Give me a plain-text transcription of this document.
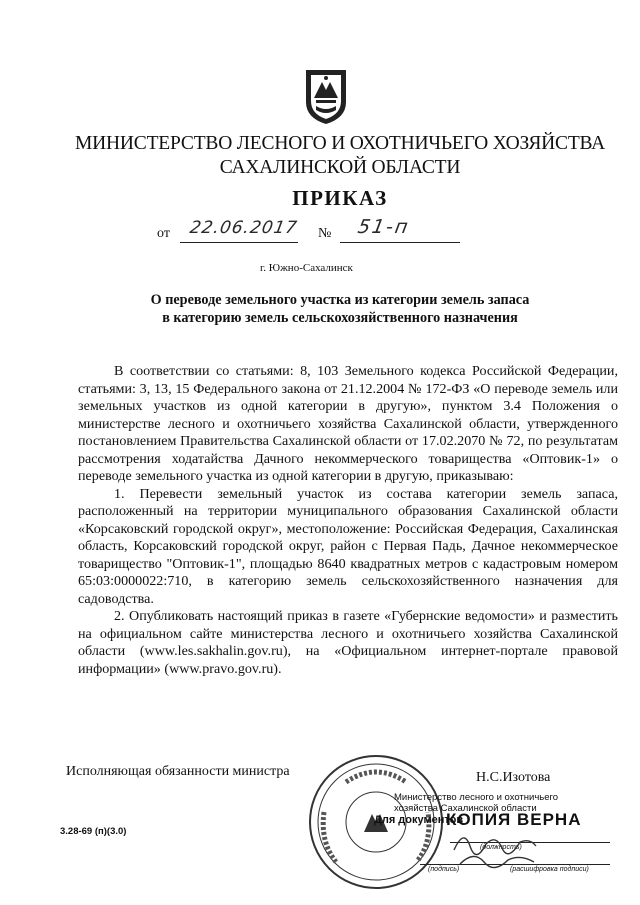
МИНИСТЕРСТВО ЛЕСНОГО И ОХОТНИЧЬЕГО ХОЗЯЙСТВА
САХАЛИНСКОЙ ОБЛАСТИ
ПРИКАЗ
от 22.06.2017 № 51-п
г. Южно-Сахалинск
О переводе земельного участка из категории земель запаса
в категорию земель сельскохозяйственного назначения

В соответствии со статьями: 8, 103 Земельного кодекса Российской Федерации, статьями: 3, 13, 15 Федерального закона от 21.12.2004 № 172-ФЗ «О переводе земель или земельных участков из одной категории в другую», пунктом 3.4 Положения о министерстве лесного и охотничьего хозяйства Сахалинской области, утвержденного постановлением Правительства Сахалинской области от 17.02.2070 № 72, по результатам рассмотрения ходатайства Дачного некоммерческого товарищества «Оптовик-1» о переводе земельного участка из одной категории в другую, приказываю:

1. Перевести земельный участок из состава категории земель запаса, расположенный на территории муниципального образования Сахалинской области «Корсаковский городской округ», местоположение: Российская Федерация, Сахалинская область, Корсаковский городской округ, район с Первая Падь, Дачное некоммерческое товарищество "Оптовик-1", площадью 8640 квадратных метров с кадастровым номером 65:03:0000022:710, в категорию земель сельскохозяйственного назначения для садоводства.

2. Опубликовать настоящий приказ в газете «Губернские ведомости» и разместить на официальном сайте министерства лесного и охотничьего хозяйства Сахалинской области (www.les.sakhalin.gov.ru), на «Официальном интернет-портале правовой информации» (www.pravo.gov.ru).

Исполняющая обязанности министра	Н.С.Изотова
3.28-69 (п)(3.0)
Министерство лесного и охотничьего
хозяйства Сахалинской области
Для документов
КОПИЯ ВЕРНА
(должность)
(подпись)	(расшифровка подписи)
